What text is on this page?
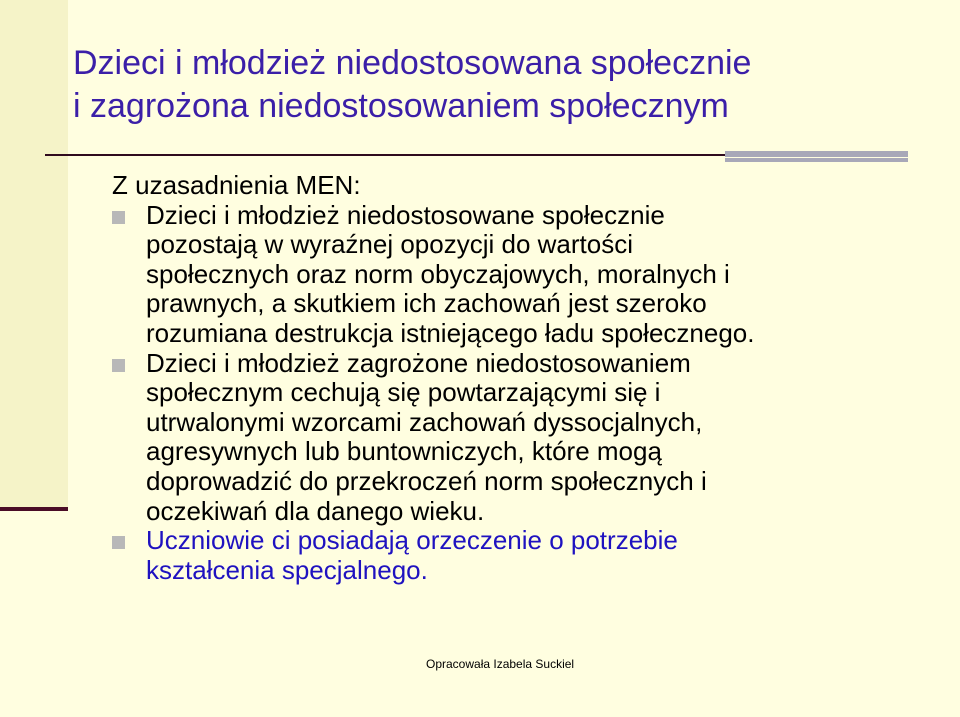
Dzieci i młodzież niedostosowana społecznie
i zagrożona niedostosowaniem społecznym
Z uzasadnienia MEN:
Dzieci i młodzież niedostosowane społecznie
pozostają w wyraźnej opozycji do wartości
społecznych oraz norm obyczajowych, moralnych i
prawnych, a skutkiem ich zachowań jest szeroko
rozumiana destrukcja istniejącego ładu społecznego.
Dzieci i młodzież zagrożone niedostosowaniem
społecznym cechują się powtarzającymi się i
utrwalonymi wzorcami zachowań dyssocjalnych,
agresywnych lub buntowniczych, które mogą
doprowadzić do przekroczeń norm społecznych i
oczekiwań dla danego wieku.
Uczniowie ci posiadają orzeczenie o potrzebie
kształcenia specjalnego.
Opracowała Izabela Suckiel
